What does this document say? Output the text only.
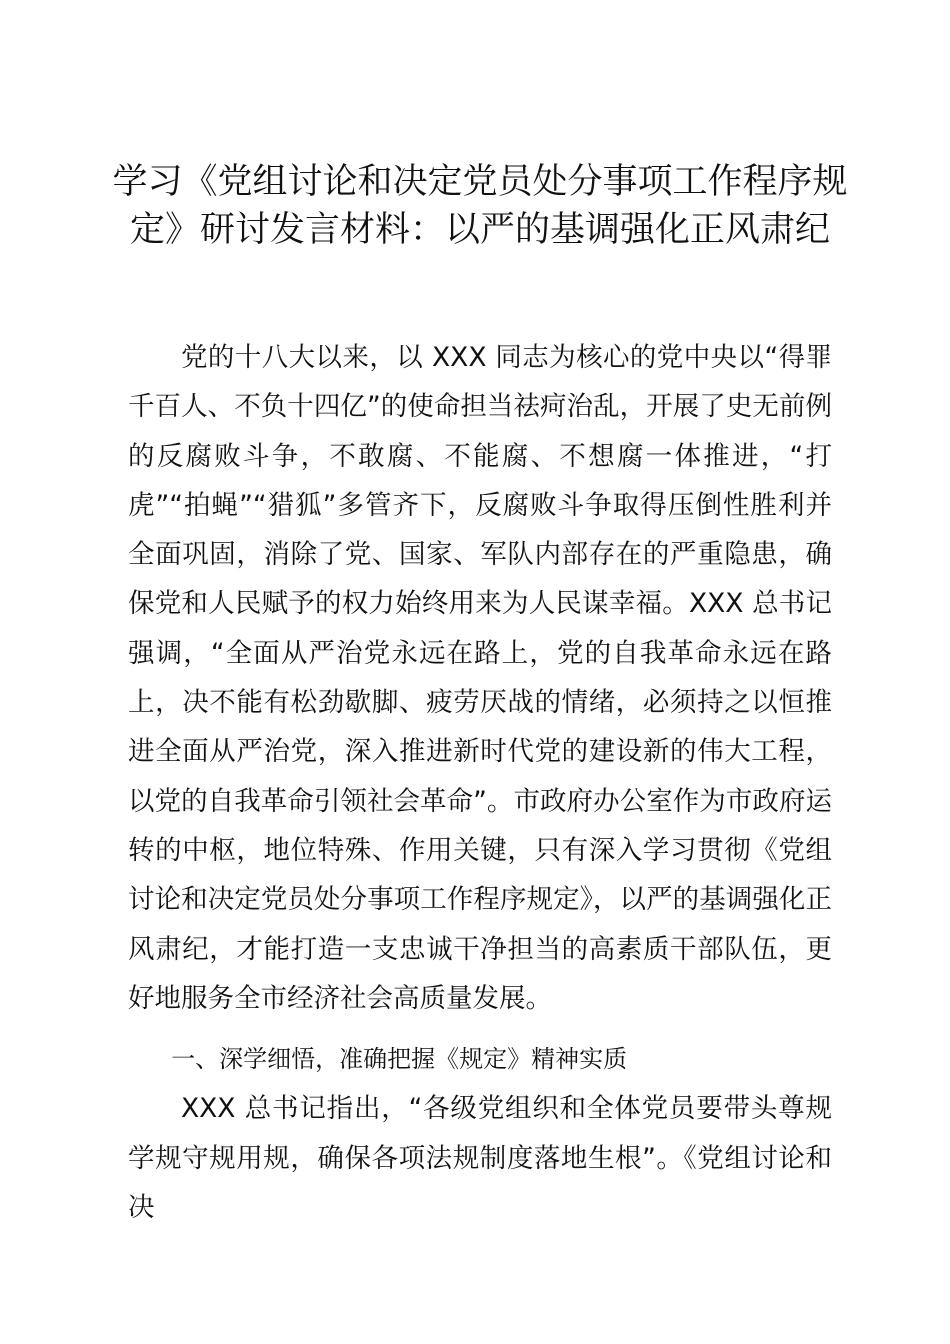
学习《党组讨论和决定党员处分事项工作程序规定》研讨发言材料：以严的基调强化正风肃纪

党的十八大以来，以 XXX 同志为核心的党中央以“得罪千百人、不负十四亿”的使命担当祛疴治乱，开展了史无前例的反腐败斗争，不敢腐、不能腐、不想腐一体推进，“打虎”“拍蝇”“猎狐”多管齐下，反腐败斗争取得压倒性胜利并全面巩固，消除了党、国家、军队内部存在的严重隐患，确保党和人民赋予的权力始终用来为人民谋幸福。XXX 总书记强调，“全面从严治党永远在路上，党的自我革命永远在路上，决不能有松劲歇脚、疲劳厌战的情绪，必须持之以恒推进全面从严治党，深入推进新时代党的建设新的伟大工程，以党的自我革命引领社会革命”。市政府办公室作为市政府运转的中枢，地位特殊、作用关键，只有深入学习贯彻《党组讨论和决定党员处分事项工作程序规定》，以严的基调强化正风肃纪，才能打造一支忠诚干净担当的高素质干部队伍，更好地服务全市经济社会高质量发展。

一、深学细悟，准确把握《规定》精神实质

XXX 总书记指出，“各级党组织和全体党员要带头尊规学规守规用规，确保各项法规制度落地生根”。《党组讨论和决
